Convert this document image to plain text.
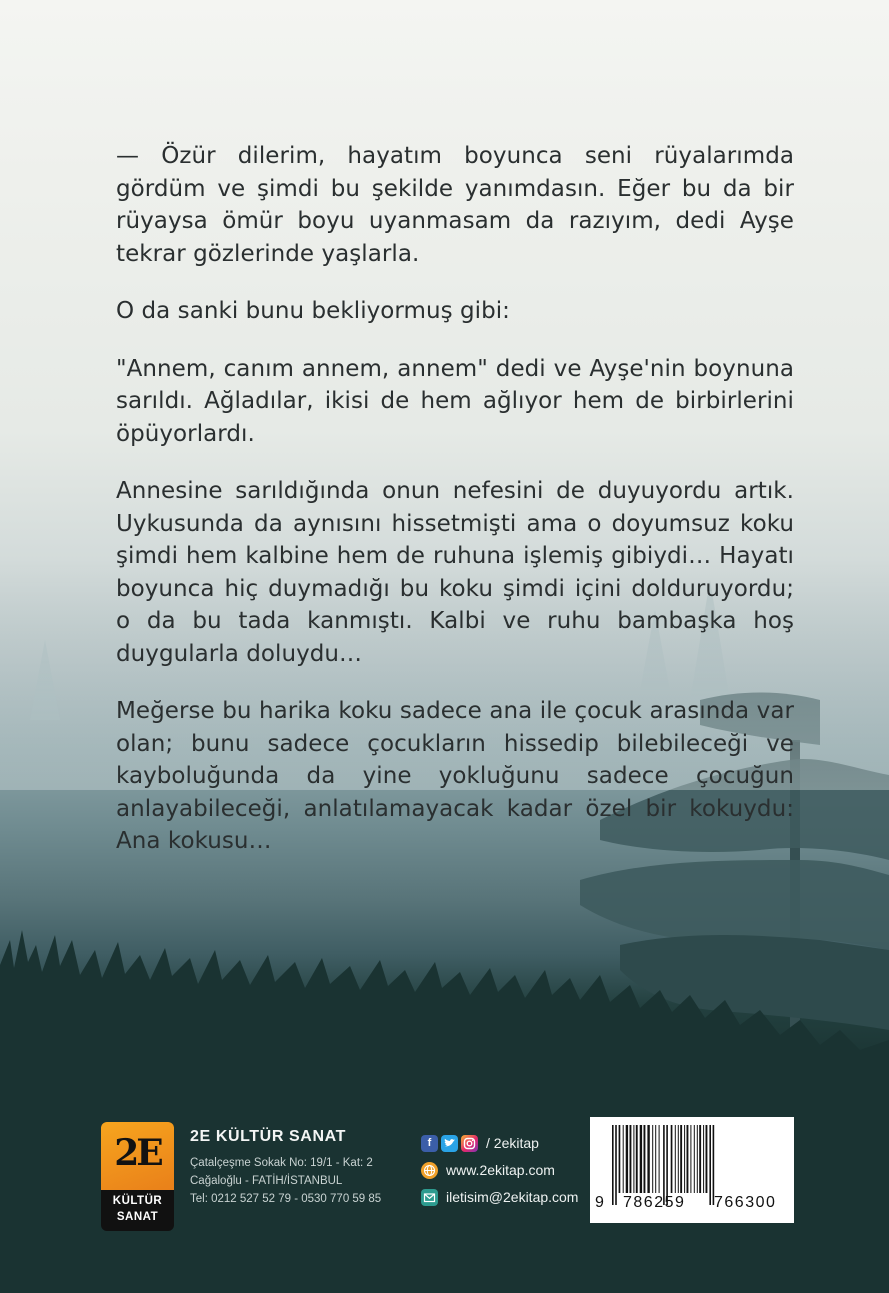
— Özür dilerim, hayatım boyunca seni rüyalarımda gördüm ve şimdi bu şekilde yanımdasın. Eğer bu da bir rüyaysa ömür boyu uyanmasam da razıyım, dedi Ayşe tekrar gözlerinde yaşlarla.

O da sanki bunu bekliyormuş gibi:

"Annem, canım annem, annem" dedi ve Ayşe'nin boynuna sarıldı. Ağladılar, ikisi de hem ağlıyor hem de birbirlerini öpüyorlardı.

Annesine sarıldığında onun nefesini de duyuyordu artık. Uykusunda da aynısını hissetmişti ama o doyumsuz koku şimdi hem kalbine hem de ruhuna işlemiş gibiydi… Hayatı boyunca hiç duymadığı bu koku şimdi içini dolduruyordu; o da bu tada kanmıştı. Kalbi ve ruhu bambaşka hoş duygularla doluydu…

Meğerse bu harika koku sadece ana ile çocuk arasında var olan; bunu sadece çocukların hissedip bilebileceği ve kayboluğunda da yine yokluğunu sadece çocuğun anlayabileceği, anlatılamayacak kadar özel bir kokuydu: Ana kokusu…

2E
KÜLTÜR
SANAT
2E KÜLTÜR SANAT
Çatalçeşme Sokak No: 19/1 - Kat: 2
Cağaloğlu - FATİH/İSTANBUL
Tel: 0212 527 52 79 - 0530 770 59 85
f	/ 2ekitap
www.2ekitap.com
iletisim@2ekitap.com 9 786259 766300
